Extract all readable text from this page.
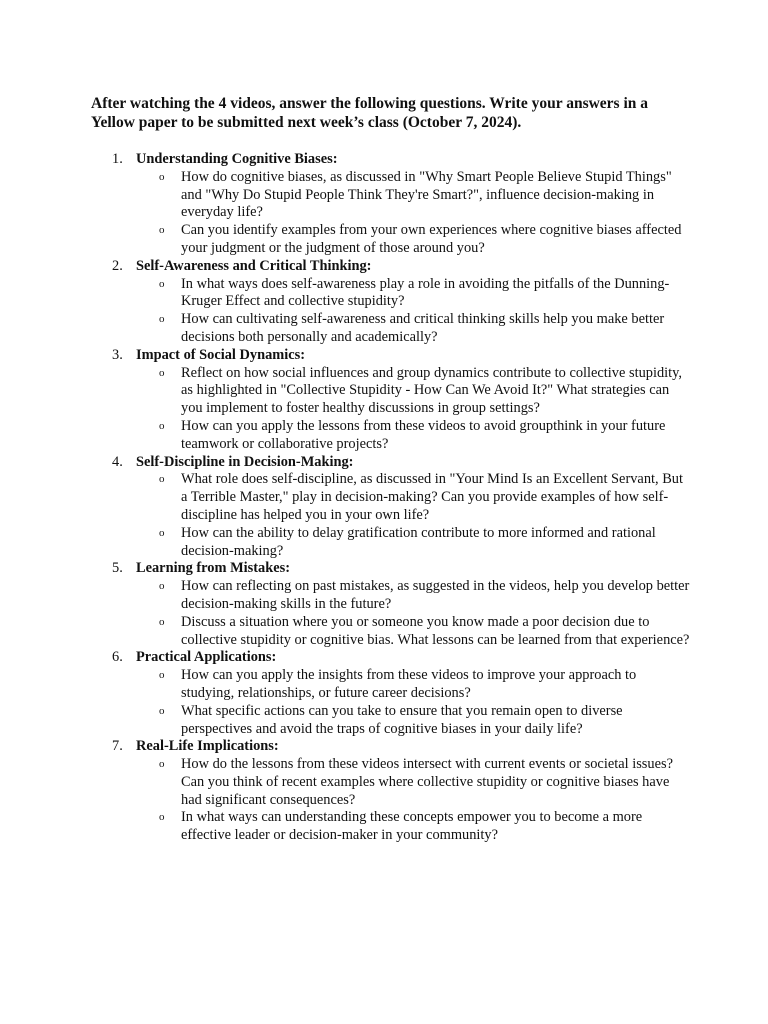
After watching the 4 videos, answer the following questions. Write your answers in a Yellow paper to be submitted next week’s class (October 7, 2024).

1. Understanding Cognitive Biases:
o How do cognitive biases, as discussed in "Why Smart People Believe Stupid Things" and "Why Do Stupid People Think They're Smart?", influence decision-making in everyday life?
o Can you identify examples from your own experiences where cognitive biases affected your judgment or the judgment of those around you?
2. Self-Awareness and Critical Thinking:
o In what ways does self-awareness play a role in avoiding the pitfalls of the Dunning-Kruger Effect and collective stupidity?
o How can cultivating self-awareness and critical thinking skills help you make better decisions both personally and academically?
3. Impact of Social Dynamics:
o Reflect on how social influences and group dynamics contribute to collective stupidity, as highlighted in "Collective Stupidity - How Can We Avoid It?" What strategies can you implement to foster healthy discussions in group settings?
o How can you apply the lessons from these videos to avoid groupthink in your future teamwork or collaborative projects?
4. Self-Discipline in Decision-Making:
o What role does self-discipline, as discussed in "Your Mind Is an Excellent Servant, But a Terrible Master," play in decision-making? Can you provide examples of how self-discipline has helped you in your own life?
o How can the ability to delay gratification contribute to more informed and rational decision-making?
5. Learning from Mistakes:
o How can reflecting on past mistakes, as suggested in the videos, help you develop better decision-making skills in the future?
o Discuss a situation where you or someone you know made a poor decision due to collective stupidity or cognitive bias. What lessons can be learned from that experience?
6. Practical Applications:
o How can you apply the insights from these videos to improve your approach to studying, relationships, or future career decisions?
o What specific actions can you take to ensure that you remain open to diverse perspectives and avoid the traps of cognitive biases in your daily life?
7. Real-Life Implications:
o How do the lessons from these videos intersect with current events or societal issues? Can you think of recent examples where collective stupidity or cognitive biases have had significant consequences?
o In what ways can understanding these concepts empower you to become a more effective leader or decision-maker in your community?
